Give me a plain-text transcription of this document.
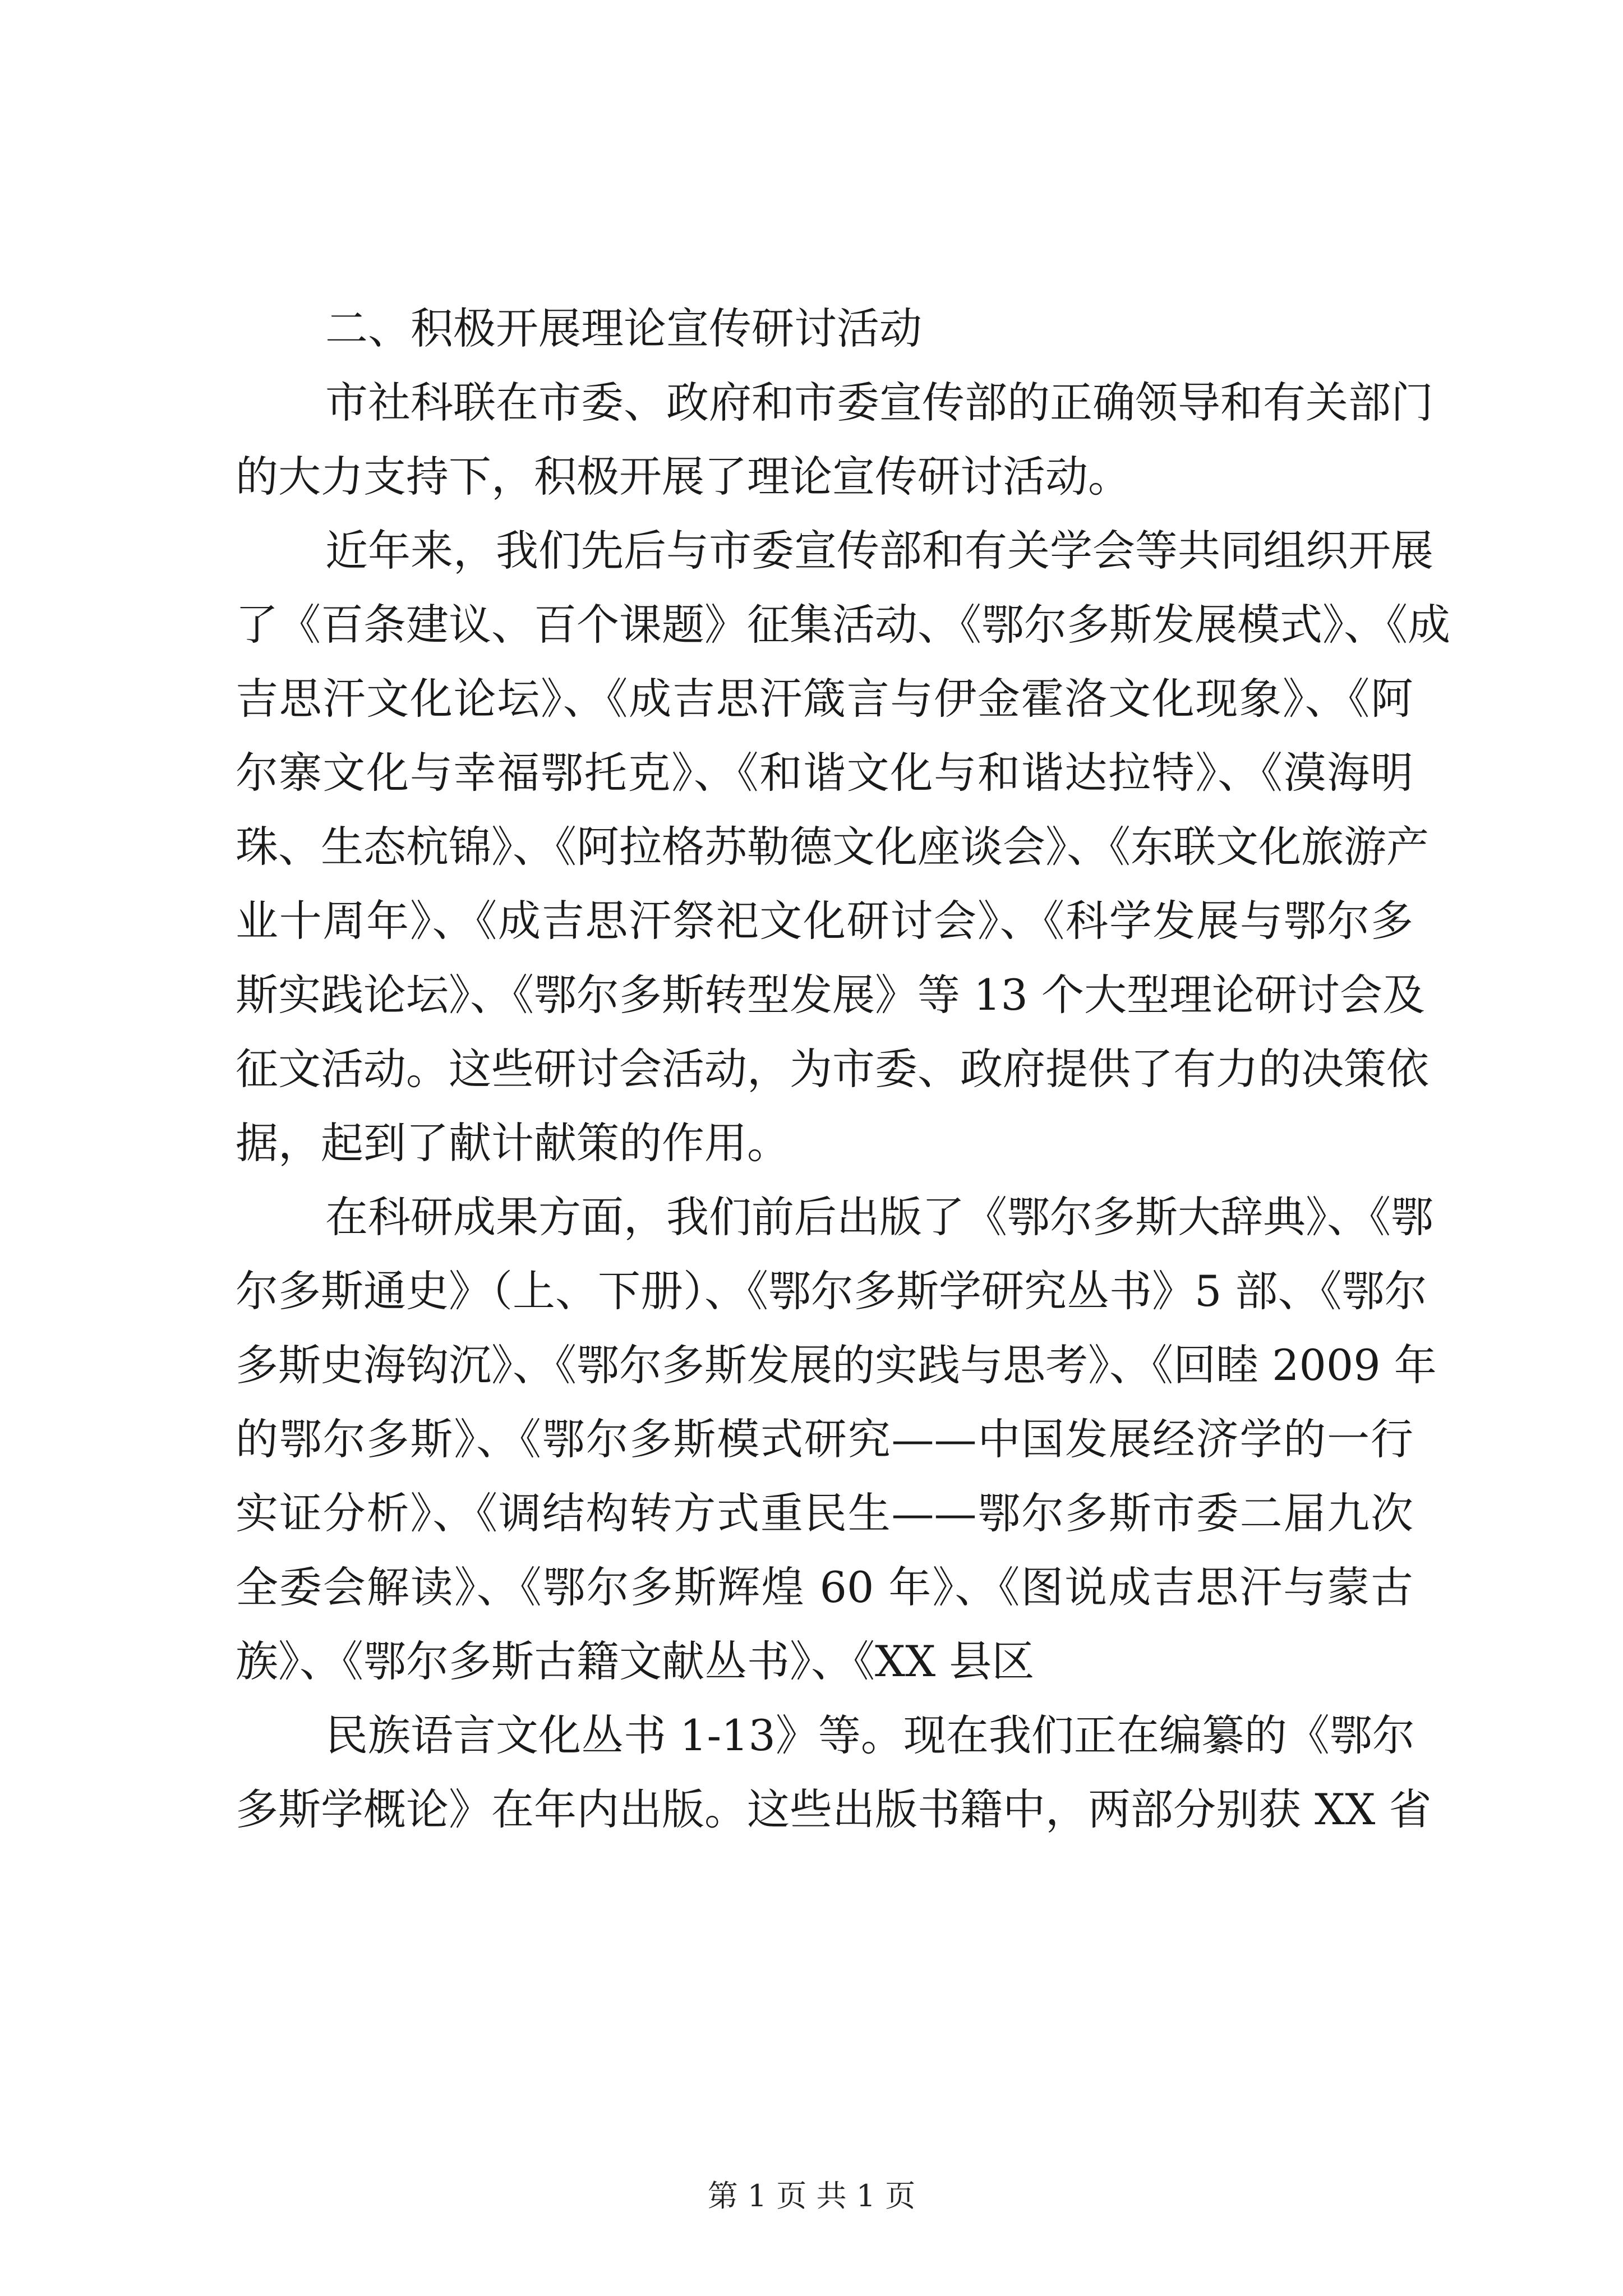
二、积极开展理论宣传研讨活动
市社科联在市委、政府和市委宣传部的正确领导和有关部门
的大力支持下，积极开展了理论宣传研讨活动。
近年来，我们先后与市委宣传部和有关学会等共同组织开展
了《百条建议、百个课题》征集活动、《鄂尔多斯发展模式》、《成
吉思汗文化论坛》、《成吉思汗箴言与伊金霍洛文化现象》、《阿
尔寨文化与幸福鄂托克》、《和谐文化与和谐达拉特》、《漠海明
珠、生态杭锦》、《阿拉格苏勒德文化座谈会》、《东联文化旅游产
业十周年》、《成吉思汗祭祀文化研讨会》、《科学发展与鄂尔多
斯实践论坛》、《鄂尔多斯转型发展》等 13 个大型理论研讨会及
征文活动。这些研讨会活动，为市委、政府提供了有力的决策依
据，起到了献计献策的作用。
在科研成果方面，我们前后出版了《鄂尔多斯大辞典》、《鄂
尔多斯通史》（上、下册）、《鄂尔多斯学研究丛书》5 部、《鄂尔
多斯史海钩沉》、《鄂尔多斯发展的实践与思考》、《回睦 2009 年
的鄂尔多斯》、《鄂尔多斯模式研究——中国发展经济学的一行
实证分析》、《调结构转方式重民生——鄂尔多斯市委二届九次
全委会解读》、《鄂尔多斯辉煌 60 年》、《图说成吉思汗与蒙古
族》、《鄂尔多斯古籍文献丛书》、《XX 县区
民族语言文化丛书 1-13》等。现在我们正在编纂的《鄂尔
多斯学概论》在年内出版。这些出版书籍中，两部分别获 XX 省
第 1 页 共 1 页
